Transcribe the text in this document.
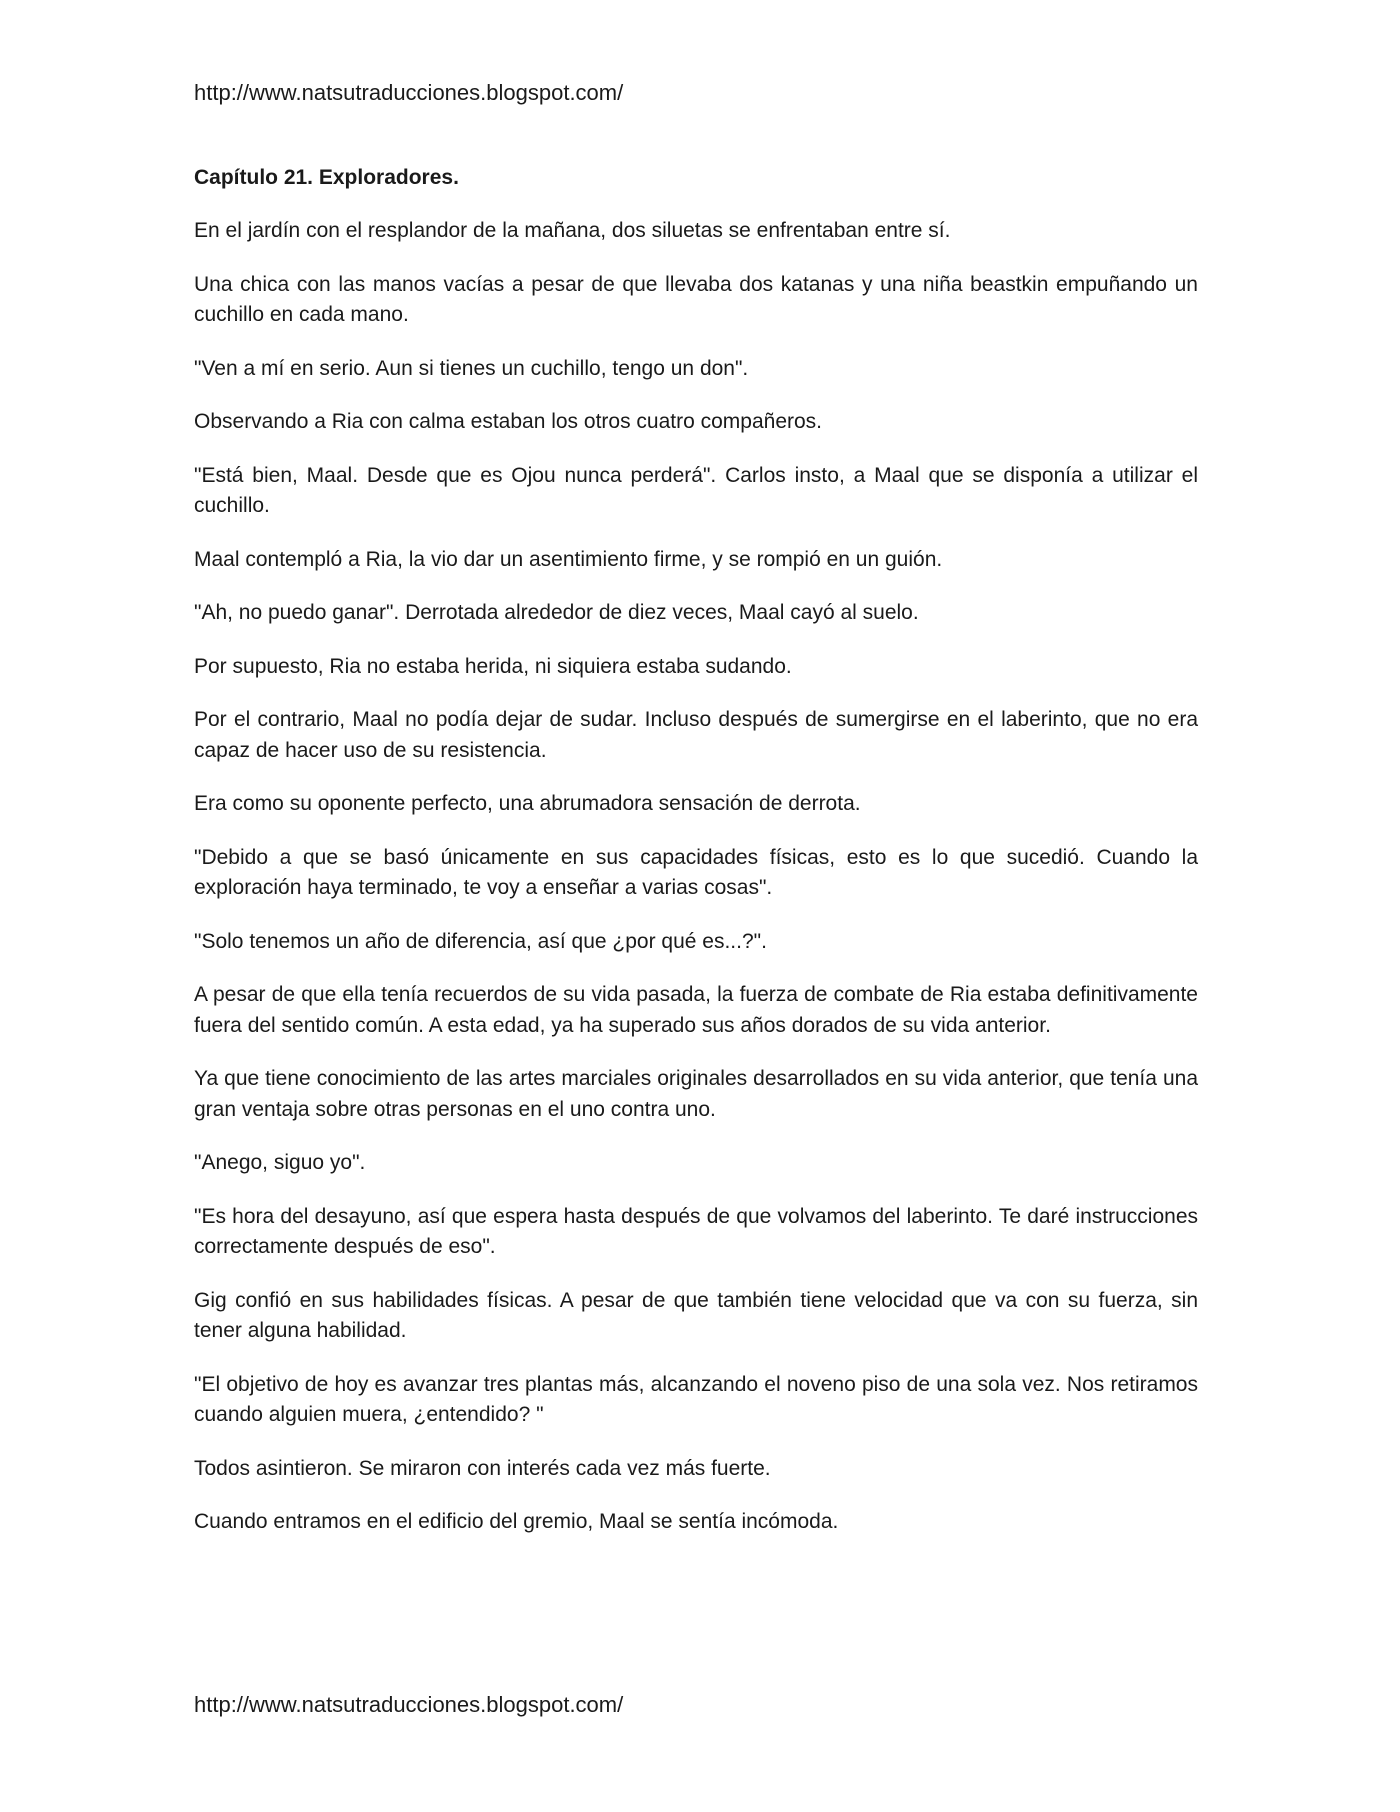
http://www.natsutraducciones.blogspot.com/
Capítulo 21. Exploradores.

En el jardín con el resplandor de la mañana, dos siluetas se enfrentaban entre sí.

Una chica con las manos vacías a pesar de que llevaba dos katanas y una niña beastkin empuñando un cuchillo en cada mano.

"Ven a mí en serio. Aun si tienes un cuchillo, tengo un don".

Observando a Ria con calma estaban los otros cuatro compañeros.

"Está bien, Maal. Desde que es Ojou nunca perderá". Carlos insto, a Maal que se disponía a utilizar el cuchillo.

Maal contempló a Ria, la vio dar un asentimiento firme, y se rompió en un guión.

"Ah, no puedo ganar". Derrotada alrededor de diez veces, Maal cayó al suelo.

Por supuesto, Ria no estaba herida, ni siquiera estaba sudando.

Por el contrario, Maal no podía dejar de sudar. Incluso después de sumergirse en el laberinto, que no era capaz de hacer uso de su resistencia.

Era como su oponente perfecto, una abrumadora sensación de derrota.

"Debido a que se basó únicamente en sus capacidades físicas, esto es lo que sucedió. Cuando la exploración haya terminado, te voy a enseñar a varias cosas".

"Solo tenemos un año de diferencia, así que ¿por qué es...?".

A pesar de que ella tenía recuerdos de su vida pasada, la fuerza de combate de Ria estaba definitivamente fuera del sentido común. A esta edad, ya ha superado sus años dorados de su vida anterior.

Ya que tiene conocimiento de las artes marciales originales desarrollados en su vida anterior, que tenía una gran ventaja sobre otras personas en el uno contra uno.

"Anego, siguo yo".

"Es hora del desayuno, así que espera hasta después de que volvamos del laberinto. Te daré instrucciones correctamente después de eso".

Gig confió en sus habilidades físicas. A pesar de que también tiene velocidad que va con su fuerza, sin tener alguna habilidad.

"El objetivo de hoy es avanzar tres plantas más, alcanzando el noveno piso de una sola vez. Nos retiramos cuando alguien muera, ¿entendido? "

Todos asintieron. Se miraron con interés cada vez más fuerte.

Cuando entramos en el edificio del gremio, Maal se sentía incómoda.

http://www.natsutraducciones.blogspot.com/
